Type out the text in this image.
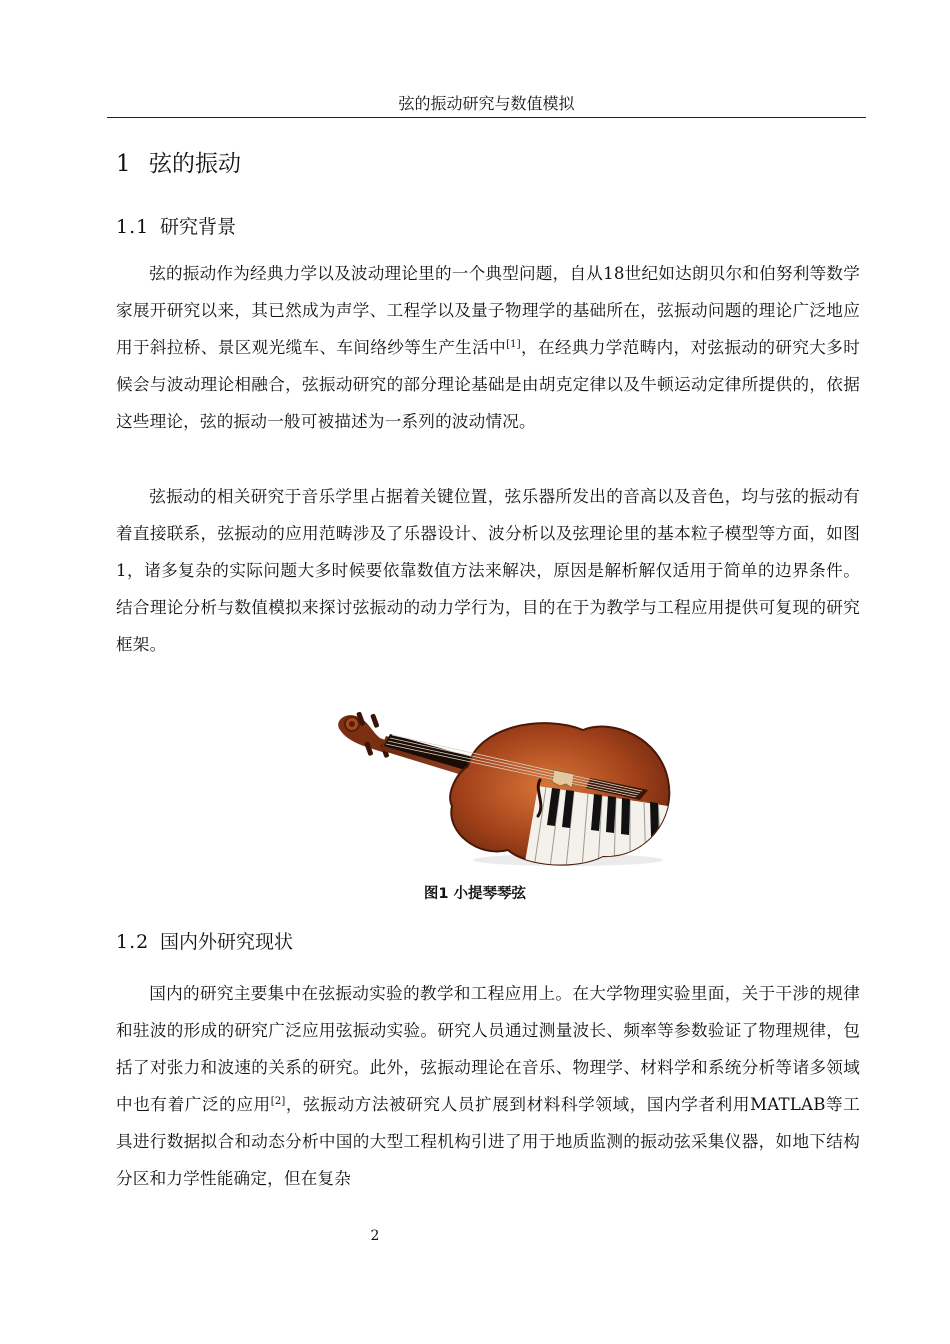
弦的振动研究与数值模拟
1 弦的振动
1.1 研究背景

弦的振动作为经典力学以及波动理论里的一个典型问题，自从18世纪如达朗贝尔和伯努利等数学家展开研究以来，其已然成为声学、工程学以及量子物理学的基础所在，弦振动问题的理论广泛地应用于斜拉桥、景区观光缆车、车间络纱等生产生活中[1]，在经典力学范畴内，对弦振动的研究大多时候会与波动理论相融合，弦振动研究的部分理论基础是由胡克定律以及牛顿运动定律所提供的，依据这些理论，弦的振动一般可被描述为一系列的波动情况。

弦振动的相关研究于音乐学里占据着关键位置，弦乐器所发出的音高以及音色，均与弦的振动有着直接联系，弦振动的应用范畴涉及了乐器设计、波分析以及弦理论里的基本粒子模型等方面，如图1，诸多复杂的实际问题大多时候要依靠数值方法来解决，原因是解析解仅适用于简单的边界条件。结合理论分析与数值模拟来探讨弦振动的动力学行为，目的在于为教学与工程应用提供可复现的研究框架。

图1 小提琴琴弦
1.2 国内外研究现状

国内的研究主要集中在弦振动实验的教学和工程应用上。在大学物理实验里面，关于干涉的规律和驻波的形成的研究广泛应用弦振动实验。研究人员通过测量波长、频率等参数验证了物理规律，包括了对张力和波速的关系的研究。此外，弦振动理论在音乐、物理学、材料学和系统分析等诸多领域中也有着广泛的应用[2]，弦振动方法被研究人员扩展到材料科学领域，国内学者利用MATLAB等工具进行数据拟合和动态分析中国的大型工程机构引进了用于地质监测的振动弦采集仪器，如地下结构分区和力学性能确定，但在复杂

2
